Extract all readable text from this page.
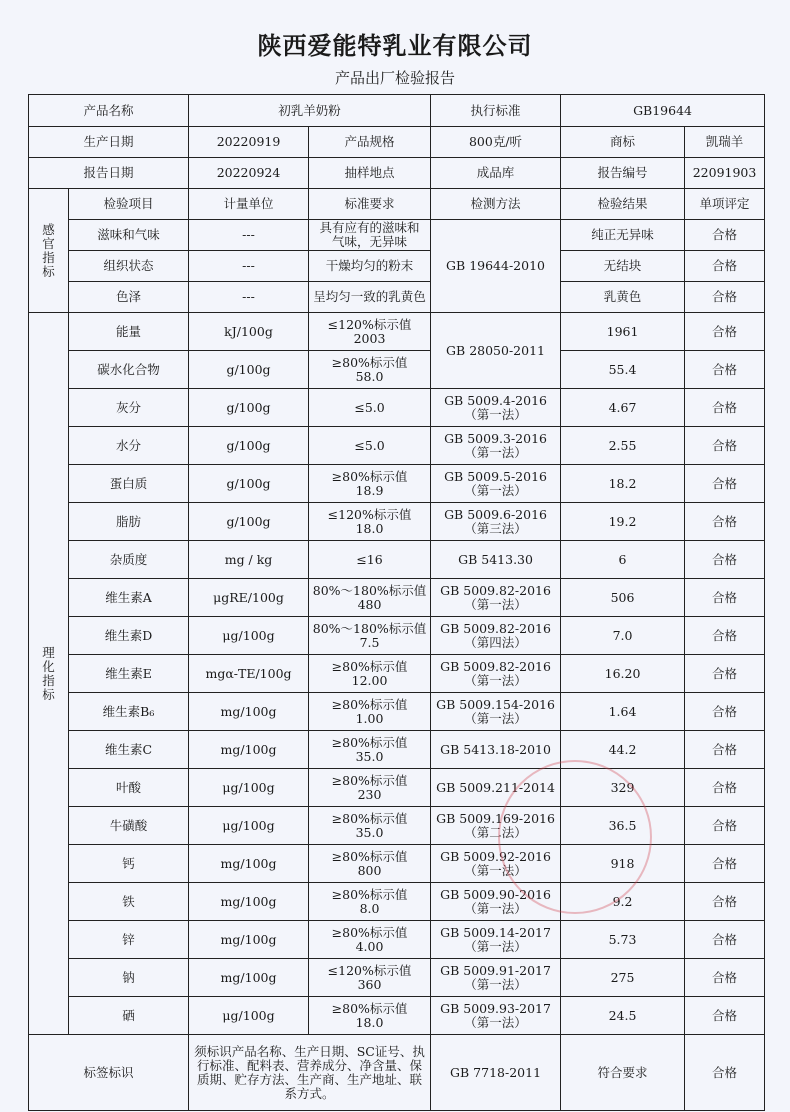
陕西爱能特乳业有限公司
产品出厂检验报告
产品名称		初乳羊奶粉		执行标准	GB19644	
生产日期		20220919	产品规格	800克/听	商标	凯瑞羊
报告日期		20220924	抽样地点	成品库	报告编号	22091903

感
官
指
标	检验项目	计量单位	标准要求	检测方法	检验结果	单项评定
	滋味和气味	---	具有应有的滋味和
气味，无异味	GB 19644-2010	纯正无异味	合格
	组织状态	---	干燥均匀的粉末		无结块	合格
	色泽	---	呈均匀一致的乳黄色		乳黄色	合格

理
化
指
标	能量	kJ/100g	≤120%标示值
2003	GB 28050-2011	1961	合格
	碳水化合物	g/100g	≥80%标示值
58.0		55.4	合格
	灰分	g/100g	≤5.0	GB 5009.4-2016
（第一法）	4.67	合格
	水分	g/100g	≤5.0	GB 5009.3-2016
（第一法）	2.55	合格
	蛋白质	g/100g	≥80%标示值
18.9	GB 5009.5-2016
（第一法）	18.2	合格
	脂肪	g/100g	≤120%标示值
18.0	GB 5009.6-2016
（第三法）	19.2	合格
	杂质度	mg / kg	≤16	GB 5413.30	6	合格
	维生素A	μgRE/100g	80%～180%标示值
480	GB 5009.82-2016
（第一法）	506	合格
	维生素D	μg/100g	80%～180%标示值
7.5	GB 5009.82-2016
（第四法）	7.0	合格
	维生素E	mgα-TE/100g	≥80%标示值
12.00	GB 5009.82-2016
（第一法）	16.20	合格
	维生素B₆	mg/100g	≥80%标示值
1.00	GB 5009.154-2016
（第一法）	1.64	合格
	维生素C	mg/100g	≥80%标示值
35.0	GB 5413.18-2010	44.2	合格
	叶酸	μg/100g	≥80%标示值
230	GB 5009.211-2014	329	合格
	牛磺酸	μg/100g	≥80%标示值
35.0	GB 5009.169-2016
（第二法）	36.5	合格
	钙	mg/100g	≥80%标示值
800	GB 5009.92-2016
（第一法）	918	合格
	铁	mg/100g	≥80%标示值
8.0	GB 5009.90-2016
（第一法）	9.2	合格
	锌	mg/100g	≥80%标示值
4.00	GB 5009.14-2017
（第一法）	5.73	合格
	钠	mg/100g	≤120%标示值
360	GB 5009.91-2017
（第一法）	275	合格
	硒	μg/100g	≥80%标示值
18.0	GB 5009.93-2017
（第一法）	24.5	合格
标签标识		须标识产品名称、生产日期、SC证号、执行标准、配料表、营养成分、净含量、保质期、贮存方法、生产商、生产地址、联系方式。		GB 7718-2011	符合要求	合格
